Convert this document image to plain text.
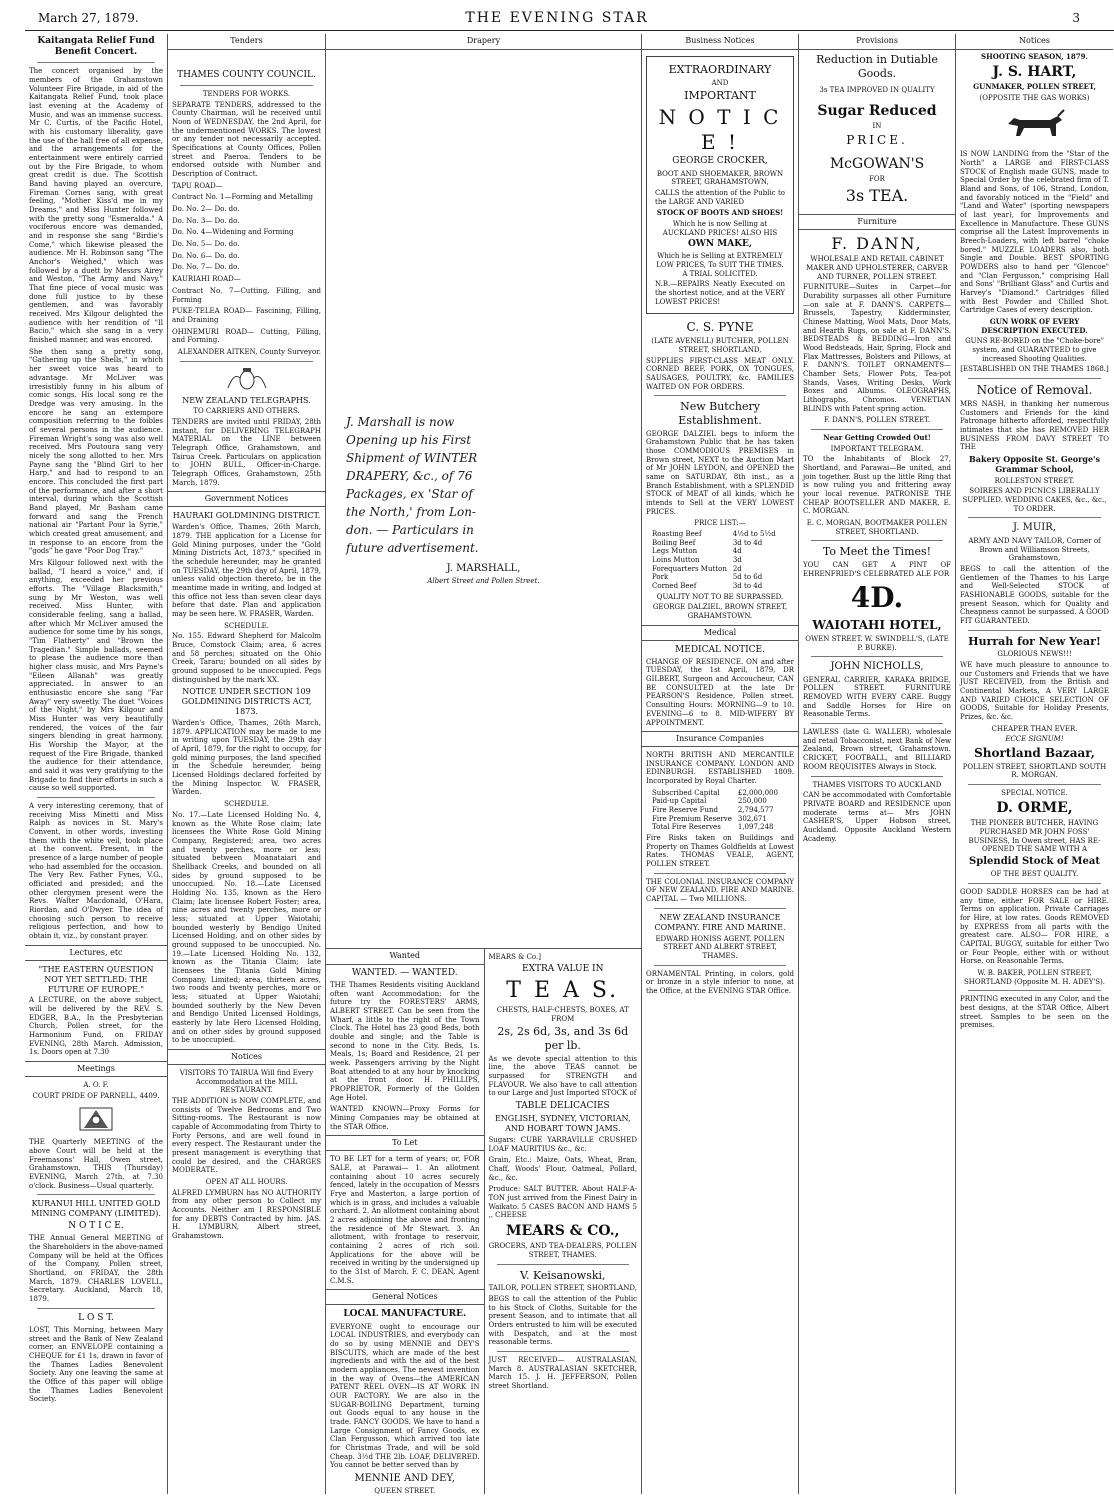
March 27, 1879.	THE EVENING STAR	3
Kaitangata Relief Fund Benefit Concert.

The concert organised by the members of the Grahamstown Volunteer Fire Brigade, in aid of the Kaitangata Relief Fund, took place last evening at the Academy of Music, and was an immense success. Mr C. Curtis, of the Pacific Hotel, with his customary liberality, gave the use of the hall free of all expense, and the arrangements for the entertainment were entirely carried out by the Fire Brigade, to whom great credit is due. The Scottish Band having played an overcure, Fireman Cornes sang, with great feeling, "Mother Kiss'd me in my Dreams," and Miss Hunter followed with the pretty song "Esmeralda." A vociferous encore was demanded, and in response she sang "Birdie's Come," which likewise pleased the audience. Mr H. Robinson sang "The Anchor's Weighed," which was followed by a duett by Messrs Airey and Weston, "The Army and Navy." That fine piece of vocal music was done full justice to by these gentlemen, and was favorably received. Mrs Kilgour delighted the audience with her rendition of "Il Bacio," which she sang in a very finished manner, and was encored.

She then sang a pretty song, "Gathering up the Shells," in which her sweet voice was heard to advantage. Mr McLiver was irresistibly funny in his album of comic songs. His local song re the Dredge was very amusing. In the encore he sang an extempore composition referring to the foibles of several persons in the audience. Fireman Wright's song was also well received. Mrs Poutoura sang very nicely the song allotted to her. Mrs Payne sang the "Blind Girl to her Harp," and had to respond to an encore. This concluded the first part of the performance, and after a short interval, during which the Scottish Band played, Mr Basham came forward and sang the French national air "Partant Pour la Syrie," which created great amusement, and in response to an encore from the "gods" he gave "Poor Dog Tray."

Mrs Kilgour followed next with the ballad, "I heard a voice," and, if anything, exceeded her previous efforts. The "Village Blacksmith," sung by Mr Weston, was well received. Miss Hunter, with considerable feeling, sang a ballad, after which Mr McLiver amused the audience for some time by his songs, "Tim Flatherty" and "Brown the Tragedian." Simple ballads, seemed to please the audience more than higher class music, and Mrs Payne's "Eileen Allanah" was greatly appreciated. In answer to an enthusiastic encore she sang "Far Away" very sweetly. The duet "Voices of the Night," by Mrs Kilgour and Miss Hunter was very beautifully rendered, the voices of the fair singers blending in great harmony. His Worship the Mayor, at the request of the Fire Brigade, thanked the audience for their attendance, and said it was very gratifying to the Brigade to find their efforts in such a cause so well supported.

A very interesting ceremony, that of receiving Miss Minetti and Miss Ralph as novices in St. Mary's Convent, in other words, investing them with the white veil, took place at the convent. Present, in the presence of a large number of people who had assembled for the occasion. The Very Rev. Father Fynes, V.G., officiated and presided; and the other clergymen present were the Revs. Walter Macdonald, O'Hara, Riordan, and O'Dwyer. The idea of choosing such person to receive religious perfection, and how to obtain it, viz., by constant prayer.

Lectures, etc
"THE EASTERN QUESTION NOT YET SETTLED: THE FUTURE OF EUROPE."

A LECTURE, on the above subject, will be delivered by the REV. S. EDGER, B.A., In the Presbyterian Church, Pollen street, for the Harmonium Fund, on FRIDAY EVENING, 28th March. Admission, 1s. Doors open at 7.30

Meetings
A. O. F.
COURT PRIDE OF PARNELL, 4409.

THE Quarterly MEETING of the above Court will be held at the Freemasons' Hall, Owen street, Grahamstown, THIS (Thursday) EVENING, March 27th, at 7.30 o'clock. Business—Usual quarterly.

KURANUI HILL UNITED GOLD MINING COMPANY (LIMITED).
N O T I C E.

THE Annual General MEETING of the Shareholders in the above-named Company will be held at the Offices of the Company, Pollen street, Shortland, on FRIDAY, the 28th March, 1879. CHARLES LOVELL, Secretary. Auckland, March 18, 1879.

L O S T.

LOST, This Morning, between Mary street and the Bank of New Zealand corner, an ENVELOPE containing a CHEQUE for £1 1s, drawn in favor of the Thames Ladies Benevolent Society. Any one leaving the same at the Office of this paper will oblige the Thames Ladies Benevolent Society.

Tenders
THAMES COUNTY COUNCIL.
TENDERS FOR WORKS.

SEPARATE TENDERS, addressed to the County Chairman, will be received until Noon of WEDNESDAY, the 2nd April, for the undermentioned WORKS. The lowest or any tender not necessarily accepted. Specifications at County Offices, Pollen street and Paeroa. Tenders to be endorsed outside with Number and Description of Contract.

TAPU ROAD—

Contract No. 1—Forming and Metalling

Do. No. 2— Do. do.

Do. No. 3— Do. do.

Do. No. 4—Widening and Forming

Do. No. 5— Do. do.

Do. No. 6— Do. do.

Do. No. 7— Do. do.

KAURIAHI ROAD—

Contract No. 7—Cutting, Filling, and Forming

PUKE-TELEA ROAD— Fascining, Filling, and Draining

OHINEMURI ROAD— Cutting, Filling, and Forming.

ALEXANDER AITKEN, County Surveyor.

NEW ZEALAND TELEGRAPHS.
TO CARRIERS AND OTHERS.

TENDERS are invited until FRIDAY, 28th instant, for DELIVERING TELEGRAPH MATERIAL on the LINE between Telegraph Office, Grahamstown, and Tairua Creek. Particulars on application to JOHN BULL, Officer-in-Charge. Telegraph Offices, Grahamstown, 25th March, 1879.

Government Notices
HAURAKI GOLDMINING DISTRICT.

Warden's Office, Thames, 26th March, 1879. THE application for a License for Gold Mining purposes, under the "Gold Mining Districts Act, 1873," specified in the schedule hereunder, may be granted on TUESDAY, the 29th day of April, 1879, unless valid objection thereto, be in the meantime made in writing, and lodged at this office not less than seven clear days before that date. Plan and application may be seen here. W. FRASER, Warden.

SCHEDULE.

No. 155. Edward Shepherd for Malcolm Bruce, Comstock Claim; area, 6 acres and 58 perches; situated on the Ohio Creek, Tararu; bounded on all sides by ground supposed to be unoccupied. Pegs distinguished by the mark XX.

NOTICE UNDER SECTION 109 GOLDMINING DISTRICTS ACT, 1873.

Warden's Office, Thames, 26th March, 1879. APPLICATION may be made to me in writing upon TUESDAY, the 29th day of April, 1879, for the right to occupy, for gold mining purposes, the land specified in the Schedule hereunder, being Licensed Holdings declared forfeited by the Mining Inspector. W. FRASER, Warden.

SCHEDULE.

No. 17.—Late Licensed Holding No. 4, known as the White Rose claim; late licensees the White Rose Gold Mining Company, Registered; area, two acres and twenty perches, more or less; situated between Moanataiari and Shellback Creeks, and bounded on all sides by ground supposed to be unoccupied. No. 18.—Late Licensed Holding No. 135, known as the Hero Claim; late licensee Robert Foster; area, nine acres and twenty perches, more or less; situated at Upper Waiotahi; bounded westerly by Bendigo United Licensed Holding, and on other sides by ground supposed to be unoccupied. No. 19.—Late Licensed Holding No. 132, known as the Titania Claim; late licensees the Titania Gold Mining Company, Limited; area, thirteen acres, two roods and twenty perches, more or less; situated at Upper Waiotahi; bounded southerly by the New Deven and Bendigo United Licensed Holdings, easterly by late Hero Licensed Holding, and on other sides by ground supposed to be unoccupied.

Notices
VISITORS TO TAIRUA Will find Every Accommodation at the MILL RESTAURANT.

THE ADDITION is NOW COMPLETE, and consists of Twelve Bedrooms and Two Sitting-rooms. The Restaurant is now capable of Accommodating from Thirty to Forty Persons, and are well found in every respect. The Restaurant under the present management is everything that could be desired, and the CHARGES MODERATE.

OPEN AT ALL HOURS.

ALFRED LYMBURN has NO AUTHORITY from any other person to Collect my Accounts. Neither am I RESPONSIBLE for any DEBTS Contracted by him. JAS. H. LYMBURN, Albert street, Grahamstown.

Drapery
J. Marshall is now
Opening up his First
Shipment of WINTER
DRAPERY, &c., of 76
Packages, ex 'Star of
the North,' from Lon-
don. — Particulars in
future advertisement.
J. MARSHALL,
Albert Street and Pollen Street.
Wanted
WANTED. — WANTED.

THE Thames Residents visiting Auckland often want Accommodation; for the future try the FORESTERS' ARMS, ALBERT STREET. Can be seen from the Wharf, a little to the right of the Town Clock. The Hotel has 23 good Beds, both double and single; and the Table is second to none in the City. Beds, 1s. Meals, 1s; Board and Residence, 21 per week. Passengers arriving by the Night Boat attended to at any hour by knocking at the front door. H. PHILLIPS, PROPRIETOR, Formerly of the Golden Age Hotel.

WANTED KNOWN—Proxy Forms for Mining Companies may be obtained at the STAR Office.

To Let

TO BE LET for a term of years; or, FOR SALE, at Parawai— 1. An allotment containing about 10 acres securely fenced, lately in the occupation of Messrs Frye and Masterton, a large portion of which is in grass, and includes a valuable orchard. 2. An allotment containing about 2 acres adjoining the above and fronting the residence of Mr Stewart. 3. An allotment, with frontage to reservoir, containing 2 acres of rich soil. Applications for the above will be received in writing by the undersigned up to the 31st of March. F. C. DEAN, Agent C.M.S.

General Notices
LOCAL MANUFACTURE.

EVERYONE ought to encourage our LOCAL INDUSTRIES, and everybody can do so by using MENNIE and DEY'S BISCUITS, which are made of the best ingredients and with the aid of the best modern appliances. The newest invention in the way of Ovens—the AMERICAN PATENT REEL OVEN—IS AT WORK IN OUR FACTORY. We are also in the SUGAR-BOILING Department, turning out Goods equal to any house in the trade. FANCY GOODS. We have to hand a Large Consignment of Fancy Goods, ex Clan Fergusson, which arrived too late for Christmas Trade, and will be sold Cheap. 3½d THE 2lb. LOAF, DELIVERED. You cannot be better served than by

MENNIE AND DEY,
QUEEN STREET.
MEARS & Co.]
EXTRA VALUE IN
T E A S.
CHESTS, HALF-CHESTS, BOXES, AT FROM
2s, 2s 6d, 3s, and 3s 6d per lb.

As we devote special attention to this line, the above TEAS cannot be surpassed for STRENGTH and FLAVOUR. We also have to call attention to our Large and Just Imported STOCK of

TABLE DELICACIES
ENGLISH, SYDNEY, VICTORIAN, AND HOBART TOWN JAMS.

Sugars: CUBE YARRAVILLE CRUSHED LOAF MAURITIUS &c., &c.

Grain, Etc.: Maize, Oats, Wheat, Bran, Chaff, Woods' Flour, Oatmeal, Pollard, &c., &c.

Produce: SALT BUTTER. About HALF-A-TON just arrived from the Finest Dairy in Waikato. 5 CASES BACON AND HAMS 5 ,, CHEESE

MEARS & CO.,
GROCERS, AND TEA-DEALERS, POLLEN STREET, THAMES.
V. Keisanowski,
TAILOR, POLLEN STREET, SHORTLAND,

BEGS to call the attention of the Public to his Stock of Cloths, Suitable for the present Season, and to intimate that all Orders entrusted to him will be executed with Despatch, and at the most reasonable terms.

JUST RECEIVED— AUSTRALASIAN, March 8. AUSTRALASIAN SKETCHER, March 15. J. H. JEFFERSON, Pollen street Shortland.

Business Notices
EXTRAORDINARY
AND
IMPORTANT
N O T I C E !
GEORGE CROCKER,
BOOT AND SHOEMAKER, BROWN STREET, GRAHAMSTOWN,

CALLS the attention of the Public to the LARGE AND VARIED

STOCK OF BOOTS AND SHOES!
Which he is now Selling at AUCKLAND PRICES! ALSO HIS
OWN MAKE,
Which he is Selling at EXTREMELY LOW PRICES, To SUIT THE TIMES. A TRIAL SOLICITED.

N.B.—REPAIRS Neatly Executed on the shortest notice, and at the VERY LOWEST PRICES!

C. S. PYNE
(LATE AVENELL) BUTCHER, POLLEN STREET, SHORTLAND,

SUPPLIES FIRST-CLASS MEAT ONLY. CORNED BEEF, PORK, OX TONGUES, SAUSAGES, POULTRY, &c. FAMILIES WAITED ON FOR ORDERS.

New Butchery Establishment.

GEORGE DALZIEL begs to inform the Grahamstown Public that he has taken those COMMODIOUS PREMISES in Brown street, NEXT to the Auction Mart of Mr JOHN LEYDON, and OPENED the same on SATURDAY, 8th inst., as a Branch Establishment, with a SPLENDID STOCK of MEAT of all kinds, which he intends to Sell at the VERY LOWEST PRICES.

PRICE LIST:—
Roasting Beef	4½d to 5½d
Boiling Beef	3d to 4d
Legs Mutton	4d
Loins Mutton	3d
Forequarters Mutton	2d
Pork	5d to 6d
Corned Beef	3d to 4d
QUALITY NOT TO BE SURPASSED.
GEORGE DALZIEL, BROWN STREET, GRAHAMSTOWN.
Medical
MEDICAL NOTICE.

CHANGE OF RESIDENCE. ON and after TUESDAY, the 1st April, 1879, DR GILBERT, Surgeon and Accoucheur, CAN BE CONSULTED at the late Dr PEARSON'S Residence, Pollen street. Consulting Hours: MORNING—9 to 10. EVENING—6 to 8. MID-WIFERY BY APPOINTMENT.

Insurance Companies

NORTH BRITISH AND MERCANTILE INSURANCE COMPANY. LONDON AND EDINBURGH. ESTABLISHED 1809. Incorporated by Royal Charter.

Subscribed Capital	£2,000,000
Paid-up Capital	250,000
Fire Reserve Fund	2,794,577
Fire Premium Reserve	302,671
Total Fire Reserves	1,097,248

Fire Risks taken on Buildings and Property on Thames Goldfields at Lowest Rates. THOMAS VEALE, AGENT, POLLEN STREET.

THE COLONIAL INSURANCE COMPANY OF NEW ZEALAND. FIRE AND MARINE. CAPITAL — Two MILLIONS.

NEW ZEALAND INSURANCE COMPANY. FIRE AND MARINE.
EDWARD HONISS AGENT, POLLEN STREET AND ALBERT STREET, THAMES.

ORNAMENTAL Printing, in colors, gold or bronze in a style inferior to none, at the Office, at the EVENING STAR Office.

Provisions
Reduction in Dutiable Goods.
3s TEA IMPROVED IN QUALITY
Sugar Reduced
IN
PRICE.
McGOWAN'S
FOR
3s TEA.
Furniture
F. DANN,
WHOLESALE AND RETAIL CABINET MAKER AND UPHOLSTERER, CARVER AND TURNER, POLLEN STREET.

FURNITURE—Suites in Carpet—for Durability surpasses all other Furniture—on sale at F. DANN'S. CARPETS—Brussels, Tapestry, Kidderminster, Chinese Matting, Wool Mats, Door Mats, and Hearth Rugs, on sale at F. DANN'S. BEDSTEADS & BEDDING—Iron and Wood Bedsteads, Hair, Spring, Flock and Flax Mattresses, Bolsters and Pillows, at F. DANN'S. TOILET ORNAMENTS—Chamber Sets, Flower Pots, Tea-pot Stands, Vases, Writing Desks, Work Boxes and Albums. OLEOGRAPHS, Lithographs, Chromos. VENETIAN BLINDS with Patent spring action.

F. DANN'S, POLLEN STREET.
Near Getting Crowded Out!
IMPORTANT TELEGRAM.

TO the Inhabitants of Block 27, Shortland, and Parawai—Be united, and join together. Bust up the little Ring that is now ruling you and frittering away your local revenue. PATRONISE THE CHEAP BOOTSELLER AND MAKER, E. C. MORGAN.

E. C. MORGAN, BOOTMAKER POLLEN STREET, SHORTLAND.
To Meet the Times!

YOU CAN GET A PINT OF EHRENFRIED'S CELEBRATED ALE FOR

4D.
WAIOTAHI HOTEL,
OWEN STREET. W. SWINDELL'S, (LATE P. BURKE).
JOHN NICHOLLS,

GENERAL CARRIER, KARAKA BRIDGE, POLLEN STREET. FURNITURE REMOVED WITH EVERY CARE. Buggy and Saddle Horses for Hire on Reasonable Terms.

LAWLESS (late G. WALLER), wholesale and retail Tobacconist, next Bank of New Zealand, Brown street, Grahamstown. CRICKET, FOOTBALL, and BILLIARD ROOM REQUISITES Always in Stock.

THAMES VISITORS TO AUCKLAND

CAN be accommodated with Comfortable PRIVATE BOARD and RESIDENCE upon moderate terms at— Mrs JOHN CASHER'S, Upper Hobson street, Auckland. Opposite Auckland Western Academy.

Notices
SHOOTING SEASON, 1879.
J. S. HART,
GUNMAKER, POLLEN STREET,
(OPPOSITE THE GAS WORKS)

IS NOW LANDING from the "Star of the North" a LARGE and FIRST-CLASS STOCK of English made GUNS, made to Special Order by the celebrated firm of T. Bland and Sons, of 106, Strand, London, and favorably noticed in the "Field" and "Land and Water" (sporting newspapers of last year), for Improvements and Excellence in Manufacture. These GUNS comprise all the Latest Improvements in Breech-Loaders, with left barrel "choke bored." MUZZLE LOADERS also, both Single and Double. BEST SPORTING POWDERS also to hand per "Glencoe" and "Clan Fergusson," comprising Hall and Sons' "Brilliant Glass" and Curtis and Harvey's "Diamond." Cartridges filled with Best Powder and Chilled Shot. Cartridge Cases of every description.

GUN WORK OF EVERY DESCRIPTION EXECUTED.
GUNS RE-BORED on the "Choke-bore" system, and GUARANTEED to give increased Shooting Qualities.
[ESTABLISHED ON THE THAMES 1868.]
Notice of Removal.

MRS NASH, in thanking her numerous Customers and Friends for the kind Patronage hitherto afforded, respectfully intimates that she has REMOVED HER BUSINESS FROM DAVY STREET TO THE

Bakery Opposite St. George's Grammar School,
ROLLESTON STREET.
SOIREES AND PICNICS LIBERALLY SUPPLIED. WEDDING CAKES, &c., &c., TO ORDER.
J. MUIR,
ARMY AND NAVY TAILOR, Corner of Brown and Williamson Streets, Grahamstown,

BEGS to call the attention of the Gentlemen of the Thames to his Large and Well-Selected STOCK of FASHIONABLE GOODS, suitable for the present Season, which for Quality and Cheapness cannot be surpassed. A GOOD FIT GUARANTEED.

Hurrah for New Year!
GLORIOUS NEWS!!!

WE have much pleasure to announce to our Customers and Friends that we have JUST RECEIVED, from the British and Continental Markets, A VERY LARGE AND VARIED CHOICE SELECTION OF GOODS, Suitable for Holiday Presents, Prizes, &c. &c.

CHEAPER THAN EVER.
ECCE SIGNUM!
Shortland Bazaar,
POLLEN STREET, SHORTLAND SOUTH R. MORGAN.
SPECIAL NOTICE.
D. ORME,
THE PIONEER BUTCHER, HAVING PURCHASED MR JOHN FOSS' BUSINESS, In Owen street, HAS RE-OPENED THE SAME WITH A
Splendid Stock of Meat
OF THE BEST QUALITY.

GOOD SADDLE HORSES can be had at any time, either FOR SALE or HIRE. Terms on application. Private Carriages for Hire, at low rates. Goods REMOVED by EXPRESS from all parts with the greatest care. ALSO— FOR HIRE, a CAPITAL BUGGY, suitable for either Two or Four People, either with or without Horse, on Reasonable Terms.

W. B. BAKER, POLLEN STREET, SHORTLAND (Opposite M. H. ADEY'S).

PRINTING executed in any Color, and the best designs, at the STAR Office, Albert street. Samples to be seen on the premises.
